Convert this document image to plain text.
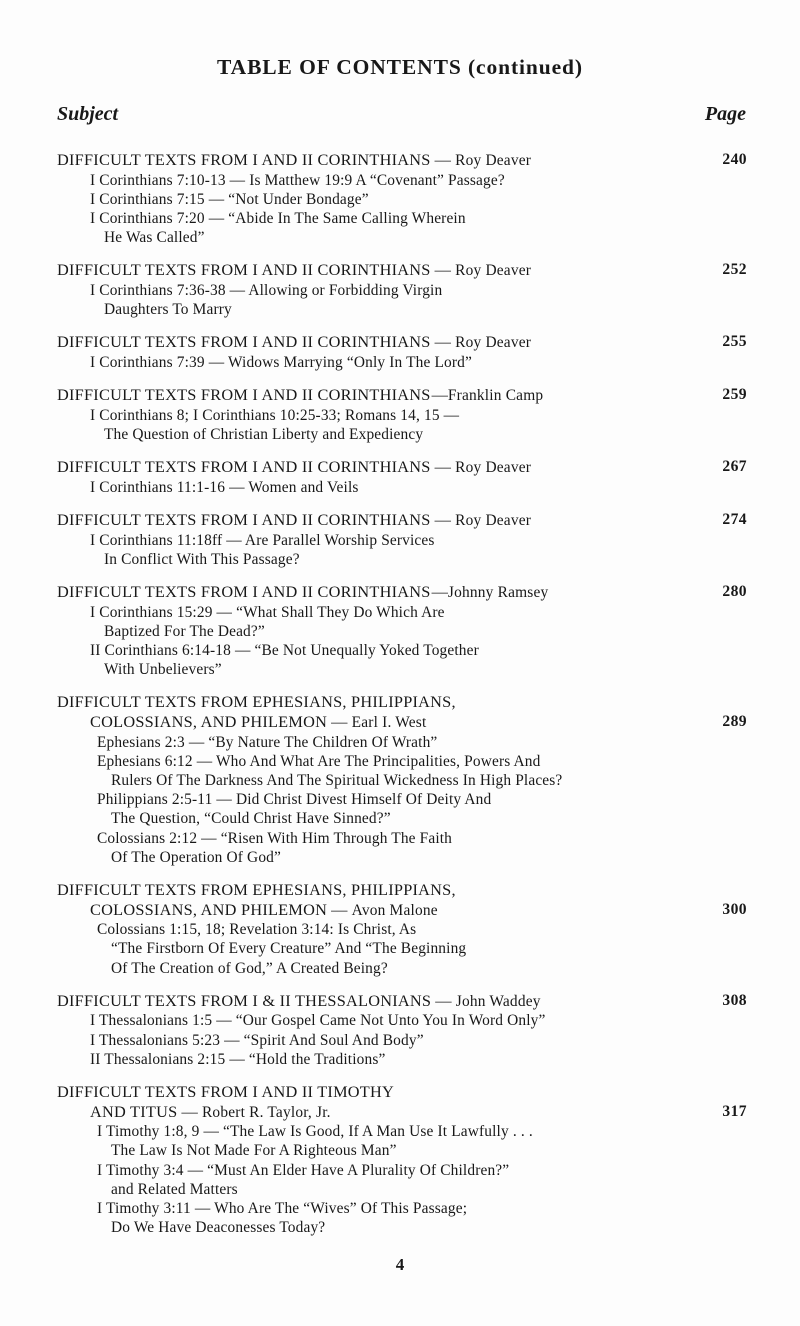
TABLE OF CONTENTS (continued)
Subject	Page
DIFFICULT TEXTS FROM I AND II CORINTHIANS — Roy Deaver	240
I Corinthians 7:10-13 — Is Matthew 19:9 A “Covenant” Passage?
I Corinthians 7:15 — “Not Under Bondage”
I Corinthians 7:20 — “Abide In The Same Calling Wherein
He Was Called”
DIFFICULT TEXTS FROM I AND II CORINTHIANS — Roy Deaver	252
I Corinthians 7:36-38 — Allowing or Forbidding Virgin
Daughters To Marry
DIFFICULT TEXTS FROM I AND II CORINTHIANS — Roy Deaver	255
I Corinthians 7:39 — Widows Marrying “Only In The Lord”
DIFFICULT TEXTS FROM I AND II CORINTHIANS—Franklin Camp	259
I Corinthians 8; I Corinthians 10:25-33; Romans 14, 15 —
The Question of Christian Liberty and Expediency
DIFFICULT TEXTS FROM I AND II CORINTHIANS — Roy Deaver	267
I Corinthians 11:1-16 — Women and Veils
DIFFICULT TEXTS FROM I AND II CORINTHIANS — Roy Deaver	274
I Corinthians 11:18ff — Are Parallel Worship Services
In Conflict With This Passage?
DIFFICULT TEXTS FROM I AND II CORINTHIANS—Johnny Ramsey	280
I Corinthians 15:29 — “What Shall They Do Which Are
Baptized For The Dead?”
II Corinthians 6:14-18 — “Be Not Unequally Yoked Together
With Unbelievers”
DIFFICULT TEXTS FROM EPHESIANS, PHILIPPIANS,
COLOSSIANS, AND PHILEMON — Earl I. West	289
Ephesians 2:3 — “By Nature The Children Of Wrath”
Ephesians 6:12 — Who And What Are The Principalities, Powers And
Rulers Of The Darkness And The Spiritual Wickedness In High Places?
Philippians 2:5-11 — Did Christ Divest Himself Of Deity And
The Question, “Could Christ Have Sinned?”
Colossians 2:12 — “Risen With Him Through The Faith
Of The Operation Of God”
DIFFICULT TEXTS FROM EPHESIANS, PHILIPPIANS,
COLOSSIANS, AND PHILEMON — Avon Malone	300
Colossians 1:15, 18; Revelation 3:14: Is Christ, As
“The Firstborn Of Every Creature” And “The Beginning
Of The Creation of God,” A Created Being?
DIFFICULT TEXTS FROM I & II THESSALONIANS — John Waddey	308
I Thessalonians 1:5 — “Our Gospel Came Not Unto You In Word Only”
I Thessalonians 5:23 — “Spirit And Soul And Body”
II Thessalonians 2:15 — “Hold the Traditions”
DIFFICULT TEXTS FROM I AND II TIMOTHY
AND TITUS — Robert R. Taylor, Jr.	317
I Timothy 1:8, 9 — “The Law Is Good, If A Man Use It Lawfully . . .
The Law Is Not Made For A Righteous Man”
I Timothy 3:4 — “Must An Elder Have A Plurality Of Children?”
and Related Matters
I Timothy 3:11 — Who Are The “Wives” Of This Passage;
Do We Have Deaconesses Today?
4
